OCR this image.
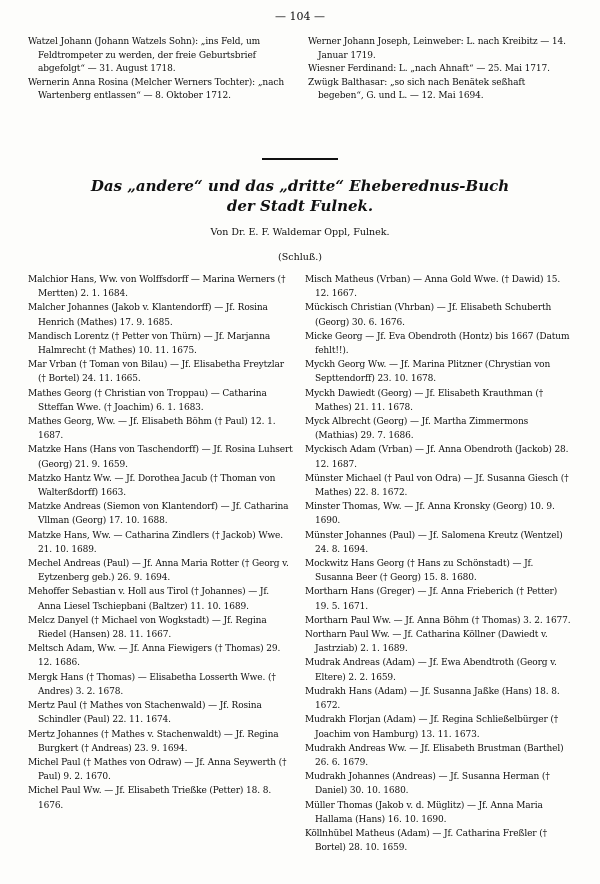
— 104 —

Watzel Johann (Johann Watzels Sohn): „ins Feld, um Feldtrompeter zu werden, der freie Geburtsbrief abgefolgt“ — 31. August 1718.

Wernerin Anna Rosina (Melcher Werners Tochter): „nach Wartenberg entlassen“ — 8. Oktober 1712.

Werner Johann Joseph, Leinweber: L. nach Kreibitz — 14. Januar 1719.

Wiesner Ferdinand: L. „nach Ahnaft“ — 25. Mai 1717.

Zwügk Balthasar: „so sich nach Benätek seßhaft begeben“, G. und L. — 12. Mai 1694.

Das „andere“ und das „dritte“ Eheberednus-Buch
der Stadt Fulnek.
Von Dr. E. F. Waldemar Oppl, Fulnek.
(Schluß.)

Malchior Hans, Ww. von Wolffsdorff — Marina Werners († Mertten) 2. 1. 1684.

Malcher Johannes (Jakob v. Klantendorff) — Jf. Rosina Henrich (Mathes) 17. 9. 1685.

Mandisch Lorentz († Petter von Thürn) — Jf. Marjanna Halmrecht († Mathes) 10. 11. 1675.

Mar Vrban († Toman von Bilau) — Jf. Elisabetha Freytzlar († Bortel) 24. 11. 1665.

Mathes Georg († Christian von Troppau) — Catharina Stteffan Wwe. († Joachim) 6. 1. 1683.

Mathes Georg, Ww. — Jf. Elisabeth Böhm († Paul) 12. 1. 1687.

Matzke Hans (Hans von Taschendorff) — Jf. Rosina Luhsert (Georg) 21. 9. 1659.

Matzko Hantz Ww. — Jf. Dorothea Jacub († Thoman von Walterßdorff) 1663.

Matzke Andreas (Siemon von Klantendorf) — Jf. Catharina Vllman (Georg) 17. 10. 1688.

Matzke Hans, Ww. — Catharina Zindlers († Jackob) Wwe. 21. 10. 1689.

Mechel Andreas (Paul) — Jf. Anna Maria Rotter († Georg v. Eytzenberg geb.) 26. 9. 1694.

Mehoffer Sebastian v. Holl aus Tirol († Johannes) — Jf. Anna Liesel Tschiepbani (Baltzer) 11. 10. 1689.

Melcz Danyel († Michael von Wogkstadt) — Jf. Regina Riedel (Hansen) 28. 11. 1667.

Meltsch Adam, Ww. — Jf. Anna Fiewigers († Thomas) 29. 12. 1686.

Mergk Hans († Thomas) — Elisabetha Losserth Wwe. († Andres) 3. 2. 1678.

Mertz Paul († Mathes von Stachenwald) — Jf. Rosina Schindler (Paul) 22. 11. 1674.

Mertz Johannes († Mathes v. Stachenwaldt) — Jf. Regina Burgkert († Andreas) 23. 9. 1694.

Michel Paul († Mathes von Odraw) — Jf. Anna Seywerth († Paul) 9. 2. 1670.

Michel Paul Ww. — Jf. Elisabeth Trießke (Petter) 18. 8. 1676.

Misch Matheus (Vrban) — Anna Gold Wwe. († Dawid) 15. 12. 1667.

Mückisch Christian (Vhrban) — Jf. Elisabeth Schuberth (Georg) 30. 6. 1676.

Micke Georg — Jf. Eva Obendroth (Hontz) bis 1667 (Datum fehlt!!).

Myckh Georg Ww. — Jf. Marina Plitzner (Chrystian von Septtendorff) 23. 10. 1678.

Myckh Dawiedt (Georg) — Jf. Elisabeth Krauthman († Mathes) 21. 11. 1678.

Myck Albrecht (Georg) — Jf. Martha Zimmermons (Mathias) 29. 7. 1686.

Myckisch Adam (Vrban) — Jf. Anna Obendroth (Jackob) 28. 12. 1687.

Münster Michael († Paul von Odra) — Jf. Susanna Giesch († Mathes) 22. 8. 1672.

Minster Thomas, Ww. — Jf. Anna Kronsky (Georg) 10. 9. 1690.

Münster Johannes (Paul) — Jf. Salomena Kreutz (Wentzel) 24. 8. 1694.

Mockwitz Hans Georg († Hans zu Schönstadt) — Jf. Susanna Beer († Georg) 15. 8. 1680.

Mortharn Hans (Greger) — Jf. Anna Frieberich († Petter) 19. 5. 1671.

Mortharn Paul Ww. — Jf. Anna Böhm († Thomas) 3. 2. 1677.

Northarn Paul Ww. — Jf. Catharina Köllner (Dawiedt v. Jastrziab) 2. 1. 1689.

Mudrak Andreas (Adam) — Jf. Ewa Abendtroth (Georg v. Eltere) 2. 2. 1659.

Mudrakh Hans (Adam) — Jf. Susanna Jaßke (Hans) 18. 8. 1672.

Mudrakh Florjan (Adam) — Jf. Regina Schließelbürger († Joachim von Hamburg) 13. 11. 1673.

Mudrakh Andreas Ww. — Jf. Elisabeth Brustman (Barthel) 26. 6. 1679.

Mudrakh Johannes (Andreas) — Jf. Susanna Herman († Daniel) 30. 10. 1680.

Müller Thomas (Jakob v. d. Müglitz) — Jf. Anna Maria Hallama (Hans) 16. 10. 1690.

Köllnhübel Matheus (Adam) — Jf. Catharina Freßler († Bortel) 28. 10. 1659.
